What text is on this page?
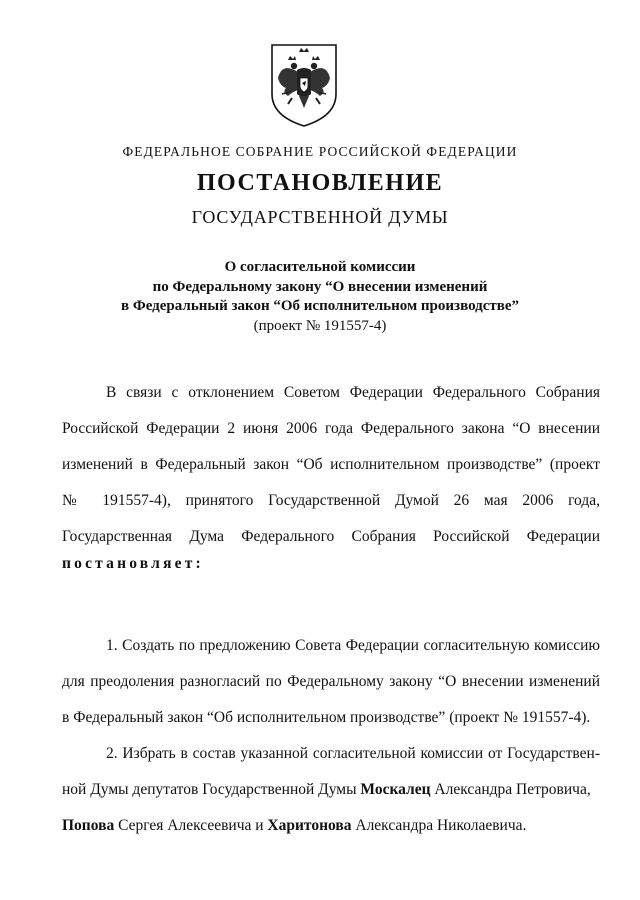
ФЕДЕРАЛЬНОЕ СОБРАНИЕ РОССИЙСКОЙ ФЕДЕРАЦИИ
ПОСТАНОВЛЕНИЕ
ГОСУДАРСТВЕННОЙ ДУМЫ
О согласительной комиссии
по Федеральному закону “О внесении изменений
в Федеральный закон “Об исполнительном производстве”
(проект № 191557-4)
В связи с отклонением Советом Федерации Федерального Собрания
Российской Федерации 2 июня 2006 года Федерального закона “О внесении
изменений в Федеральный закон “Об исполнительном производстве” (проект
№ 191557-4), принятого Государственной Думой 26 мая 2006 года,
Государственная Дума Федерального Собрания Российской Федерации
постановляет:
1. Создать по предложению Совета Федерации согласительную комиссию
для преодоления разногласий по Федеральному закону “О внесении изменений
в Федеральный закон “Об исполнительном производстве” (проект № 191557-4).
2. Избрать в состав указанной согласительной комиссии от Государствен-
ной Думы депутатов Государственной Думы Москалец Александра Петровича,
Попова Сергея Алексеевича и Харитонова Александра Николаевича.
